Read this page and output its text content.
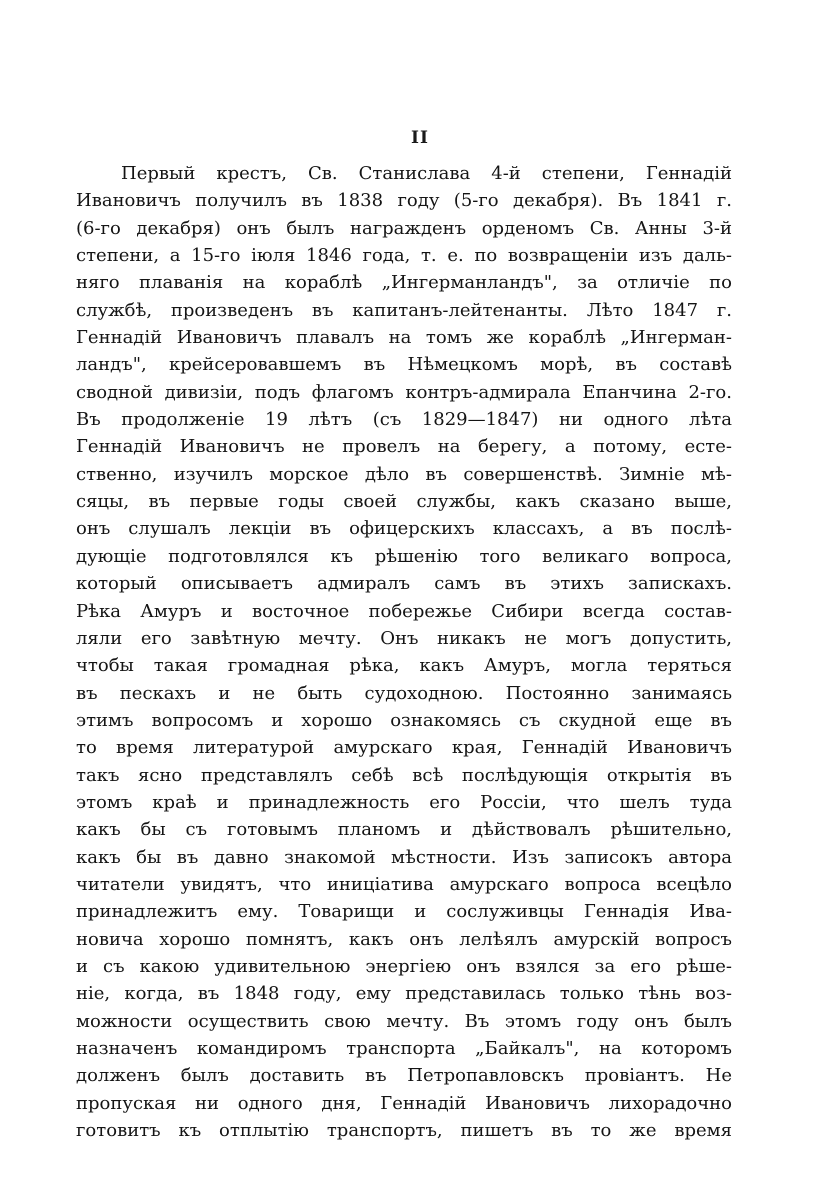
II
Первый крестъ, Св. Станислава 4-й степени, Геннадій
Ивановичъ получилъ въ 1838 году (5-го декабря). Въ 1841 г.
(6-го декабря) онъ былъ награжденъ орденомъ Св. Анны 3-й
степени, а 15-го іюля 1846 года, т. е. по возвращеніи изъ даль-
няго плаванія на кораблѣ „Ингерманландъ", за отличіе по
службѣ, произведенъ въ капитанъ-лейтенанты. Лѣто 1847 г.
Геннадій Ивановичъ плавалъ на томъ же кораблѣ „Ингерман-
ландъ", крейсеровавшемъ въ Нѣмецкомъ морѣ, въ составѣ
сводной дивизіи, подъ флагомъ контръ-адмирала Епанчина 2-го.
Въ продолженіе 19 лѣтъ (съ 1829—1847) ни одного лѣта
Геннадій Ивановичъ не провелъ на берегу, а потому, есте-
ственно, изучилъ морское дѣло въ совершенствѣ. Зимніе мѣ-
сяцы, въ первые годы своей службы, какъ сказано выше,
онъ слушалъ лекціи въ офицерскихъ классахъ, а въ послѣ-
дующіе подготовлялся къ рѣшенію того великаго вопроса,
который описываетъ адмиралъ самъ въ этихъ запискахъ.
Рѣка Амуръ и восточное побережье Сибири всегда состав-
ляли его завѣтную мечту. Онъ никакъ не могъ допустить,
чтобы такая громадная рѣка, какъ Амуръ, могла теряться
въ пескахъ и не быть судоходною. Постоянно занимаясь
этимъ вопросомъ и хорошо ознакомясь съ скудной еще въ
то время литературой амурскаго края, Геннадій Ивановичъ
такъ ясно представлялъ себѣ всѣ послѣдующія открытія въ
этомъ краѣ и принадлежность его Россіи, что шелъ туда
какъ бы съ готовымъ планомъ и дѣйствовалъ рѣшительно,
какъ бы въ давно знакомой мѣстности. Изъ записокъ автора
читатели увидятъ, что иниціатива амурскаго вопроса всецѣло
принадлежитъ ему. Товарищи и сослуживцы Геннадія Ива-
новича хорошо помнятъ, какъ онъ лелѣялъ амурскій вопросъ
и съ какою удивительною энергіею онъ взялся за его рѣше-
ніе, когда, въ 1848 году, ему представилась только тѣнь воз-
можности осуществить свою мечту. Въ этомъ году онъ былъ
назначенъ командиромъ транспорта „Байкалъ", на которомъ
долженъ былъ доставить въ Петропавловскъ провіантъ. Не
пропуская ни одного дня, Геннадій Ивановичъ лихорадочно
готовитъ къ отплытію транспортъ, пишетъ въ то же время
